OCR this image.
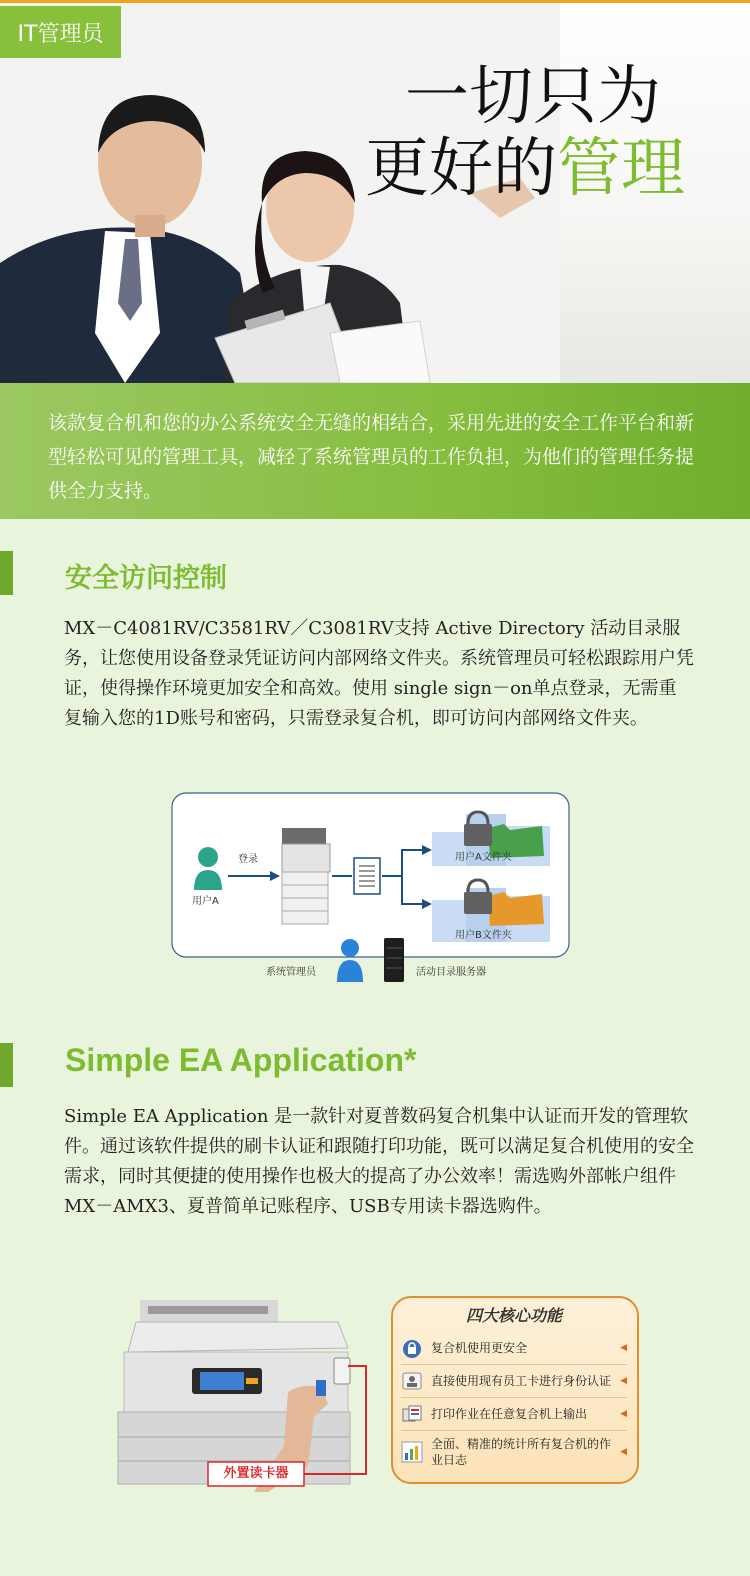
IT管理员
一切只为
更好的管理
该款复合机和您的办公系统安全无缝的相结合，采用先进的安全工作平台和新型轻松可见的管理工具，减轻了系统管理员的工作负担，为他们的管理任务提供全力支持。
安全访问控制
MX－C4081RV/C3581RV／C3081RV支持 Active Directory 活动目录服务，让您使用设备登录凭证访问内部网络文件夹。系统管理员可轻松跟踪用户凭证，使得操作环境更加安全和高效。使用 single sign－on单点登录，无需重复输入您的1D账号和密码，只需登录复合机，即可访问内部网络文件夹。
用户A文件夹
用户B文件夹
用户A
登录
系统管理员	活动目录服务器
Simple EA Application*
Simple EA Application 是一款针对夏普数码复合机集中认证而开发的管理软件。通过该软件提供的刷卡认证和跟随打印功能，既可以满足复合机使用的安全需求，同时其便捷的使用操作也极大的提高了办公效率！需选购外部帐户组件MX－AMX3、夏普简单记账程序、USB专用读卡器选购件。
外置读卡器
四大核心功能
复合机使用更安全	◀
直接使用现有员工卡进行身份认证	◀
打印作业在任意复合机上输出	◀
全面、精准的统计所有复合机的作业日志
◀
